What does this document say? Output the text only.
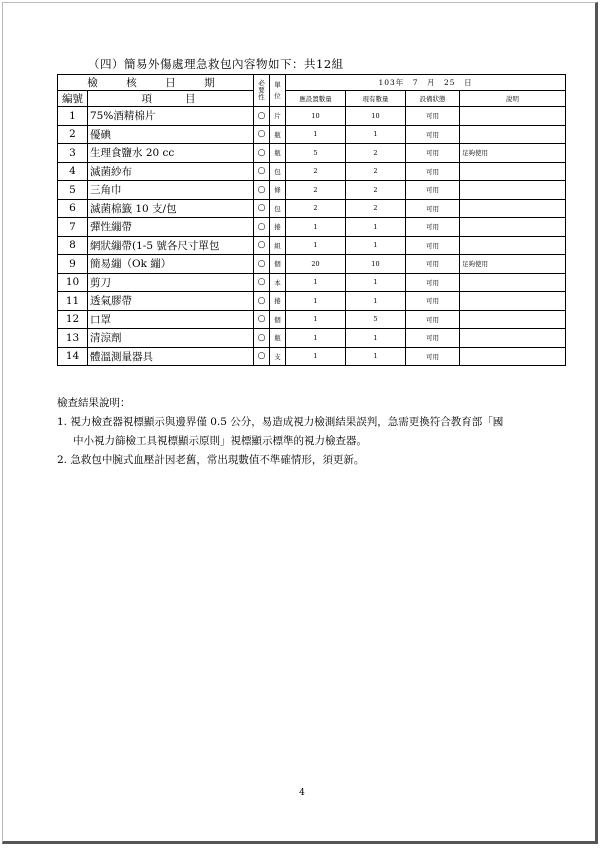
（四）簡易外傷處理急救包內容物如下：共12組
檢　核　日　期		必要性	單位	103年　7　月　25　日			
編號	項　　目			應設置數量	現有數量	設備狀態	說明
1	75%酒精棉片	○	片	10	10	可用	
2	優碘	○	瓶	1	1	可用	
3	生理食鹽水 20 cc	○	瓶	5	2	可用	足夠使用
4	滅菌紗布	○	包	2	2	可用	
5	三角巾	○	條	2	2	可用	
6	滅菌棉籤 10 支/包	○	包	2	2	可用	
7	彈性繃帶	○	捲	1	1	可用	
8	網狀繃帶(1-5 號各尺寸單包	○	組	1	1	可用	
9	簡易繃（Ok 繃）	○	個	20	10	可用	足夠使用
10	剪刀	○	本	1	1	可用	
11	透氣膠帶	○	捲	1	1	可用	
12	口罩	○	個	1	5	可用	
13	清涼劑	○	瓶	1	1	可用	
14	體溫測量器具	○	支	1	1	可用	
檢查結果說明：
1. 視力檢查器視標顯示與邊界僅 0.5 公分，易造成視力檢測結果誤判，急需更換符合教育部「國
中小視力篩檢工具視標顯示原則」視標顯示標準的視力檢查器。
2. 急救包中腕式血壓計因老舊，常出現數值不準確情形，須更新。
4
